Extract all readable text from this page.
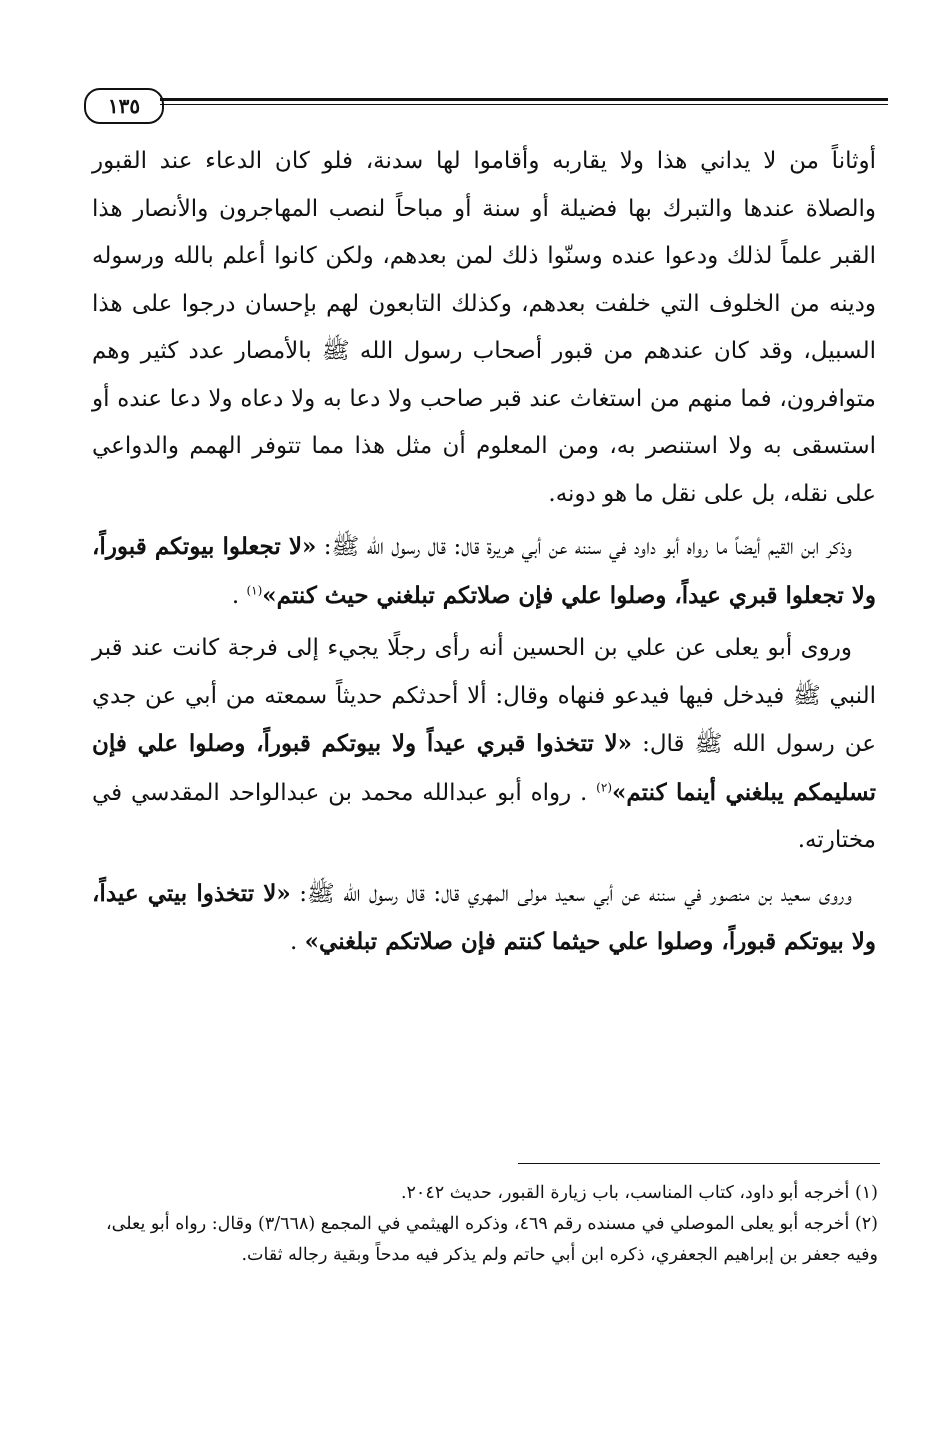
١٣٥

أوثاناً من لا يداني هذا ولا يقاربه وأقاموا لها سدنة، فلو كان الدعاء عند القبور والصلاة عندها والتبرك بها فضيلة أو سنة أو مباحاً لنصب المهاجرون والأنصار هذا القبر علماً لذلك ودعوا عنده وسنّوا ذلك لمن بعدهم، ولكن كانوا أعلم بالله ورسوله ودينه من الخلوف التي خلفت بعدهم، وكذلك التابعون لهم بإحسان درجوا على هذا السبيل، وقد كان عندهم من قبور أصحاب رسول الله ﷺ بالأمصار عدد كثير وهم متوافرون، فما منهم من استغاث عند قبر صاحب ولا دعا به ولا دعاه ولا دعا عنده أو استسقى به ولا استنصر به، ومن المعلوم أن مثل هذا مما تتوفر الهمم والدواعي على نقله، بل على نقل ما هو دونه.

وذكر ابن القيم أيضاً ما رواه أبو داود في سننه عن أبي هريرة قال: قال رسول الله ﷺ: «لا تجعلوا بيوتكم قبوراً، ولا تجعلوا قبري عيداً، وصلوا علي فإن صلاتكم تبلغني حيث كنتم»$^{(١)}$ .

وروى أبو يعلى عن علي بن الحسين أنه رأى رجلًا يجيء إلى فرجة كانت عند قبر النبي ﷺ فيدخل فيها فيدعو فنهاه وقال: ألا أحدثكم حديثاً سمعته من أبي عن جدي عن رسول الله ﷺ قال: «لا تتخذوا قبري عيداً ولا بيوتكم قبوراً، وصلوا علي فإن تسليمكم يبلغني أينما كنتم»$^{(٢)}$ . رواه أبو عبدالله محمد بن عبدالواحد المقدسي في مختارته.

وروى سعيد بن منصور في سننه عن أبي سعيد مولى المهري قال: قال رسول الله ﷺ: «لا تتخذوا بيتي عيداً، ولا بيوتكم قبوراً، وصلوا علي حيثما كنتم فإن صلاتكم تبلغني» .

(١) أخرجه أبو داود، كتاب المناسب، باب زيارة القبور، حديث ٢٠٤٢.

(٢) أخرجه أبو يعلى الموصلي في مسنده رقم ٤٦٩، وذكره الهيثمي في المجمع (٣/٦٦٨) وقال: رواه أبو يعلى، وفيه جعفر بن إبراهيم الجعفري، ذكره ابن أبي حاتم ولم يذكر فيه مدحاً وبقية رجاله ثقات.
